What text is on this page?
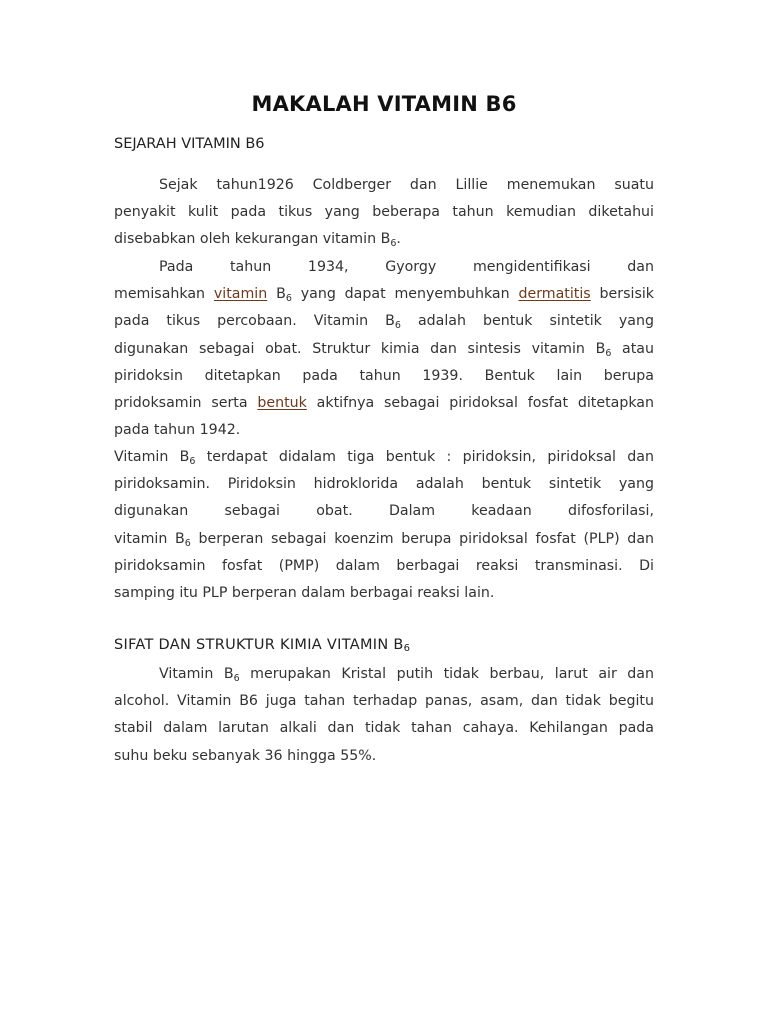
MAKALAH VITAMIN B6
SEJARAH VITAMIN B6
Sejak tahun1926 Coldberger dan Lillie menemukan suatu
penyakit kulit pada tikus yang beberapa tahun kemudian diketahui
disebabkan oleh kekurangan vitamin $B_6$.
Pada tahun 1934, Gyorgy mengidentifikasi dan
memisahkan vitamin $B_6$ yang dapat menyembuhkan dermatitis bersisik
pada tikus percobaan. Vitamin $B_6$ adalah bentuk sintetik yang
digunakan sebagai obat. Struktur kimia dan sintesis vitamin $B_6$ atau
piridoksin ditetapkan pada tahun 1939. Bentuk lain berupa
pridoksamin serta bentuk aktifnya sebagai piridoksal fosfat ditetapkan
pada tahun 1942.
Vitamin $B_6$ terdapat didalam tiga bentuk : piridoksin, piridoksal dan
piridoksamin. Piridoksin hidroklorida adalah bentuk sintetik yang
digunakan sebagai obat. Dalam keadaan difosforilasi,
vitamin $B_6$ berperan sebagai koenzim berupa piridoksal fosfat (PLP) dan
piridoksamin fosfat (PMP) dalam berbagai reaksi transminasi. Di
samping itu PLP berperan dalam berbagai reaksi lain.
SIFAT DAN STRUKTUR KIMIA VITAMIN $B_6$
Vitamin $B_6$ merupakan Kristal putih tidak berbau, larut air dan
alcohol. Vitamin B6 juga tahan terhadap panas, asam, dan tidak begitu
stabil dalam larutan alkali dan tidak tahan cahaya. Kehilangan pada
suhu beku sebanyak 36 hingga 55%.
